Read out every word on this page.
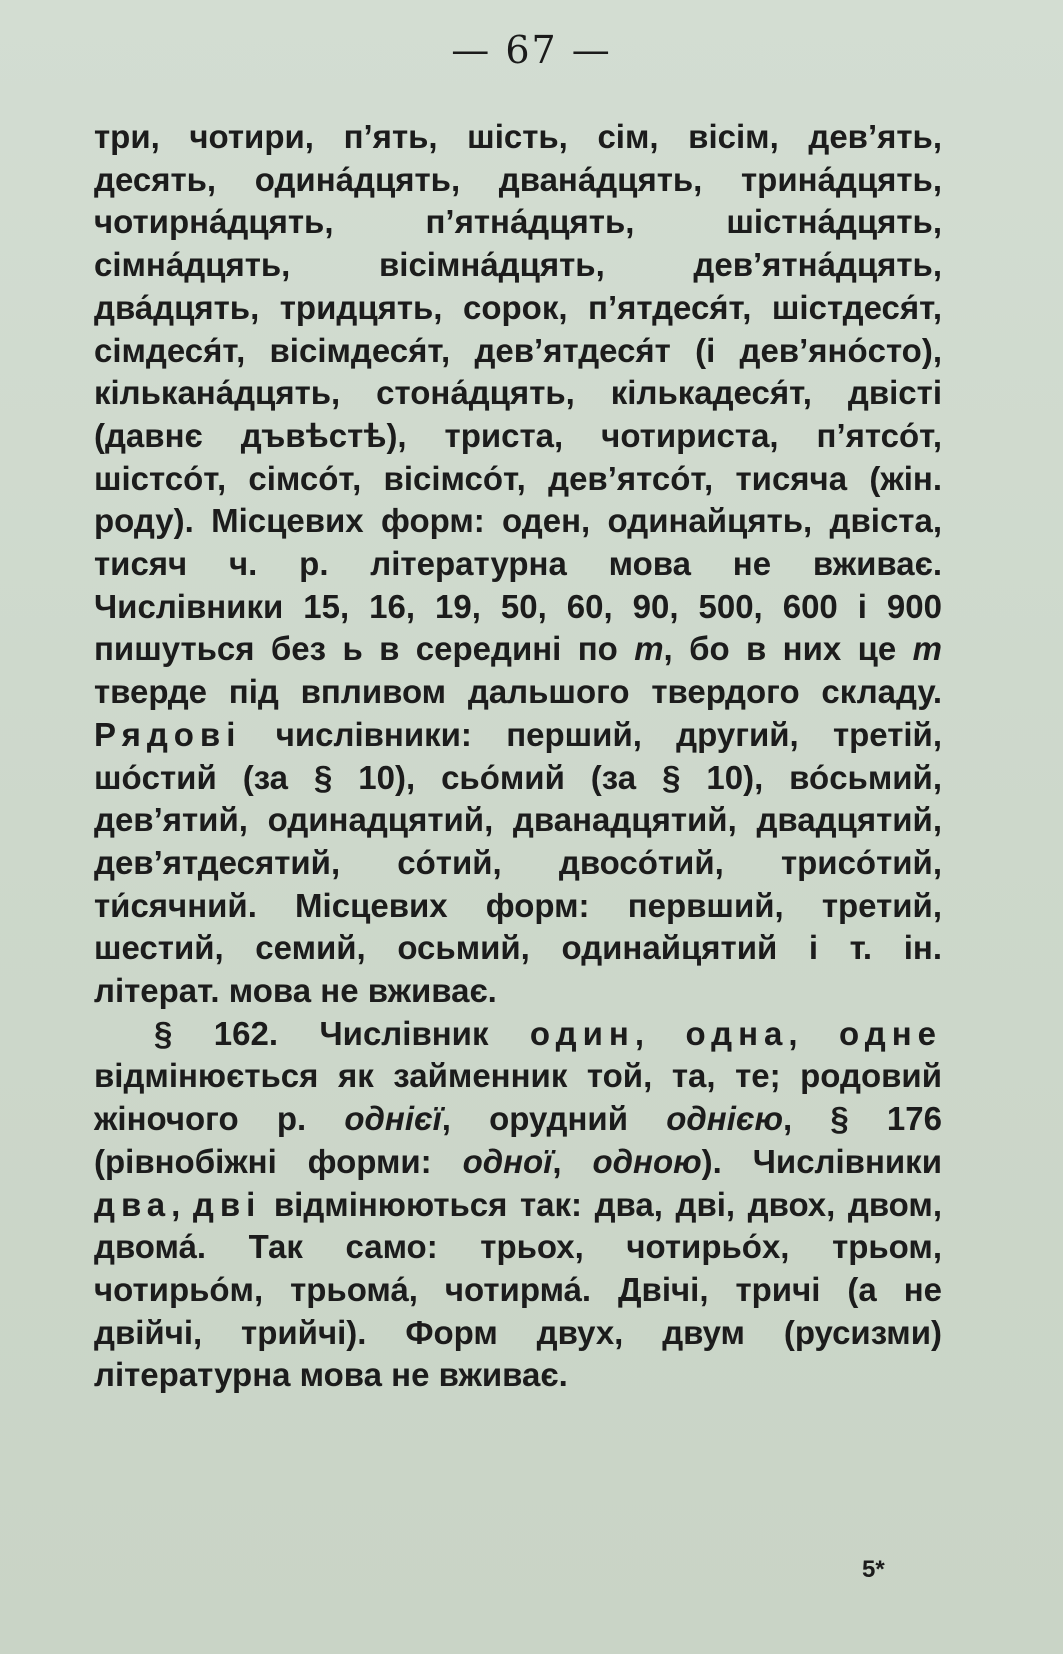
— 67 —

три, чотири, п’ять, шість, сім, вісім, дев’ять, десять, одина́дцять, двана́дцять, трина́дцять, чотирна́дцять, п’ятна́дцять, шістна́дцять, сімна́дцять, вісімна́дцять, дев’ятна́дцять, два́дцять, тридцять, сорок, п’ятдеся́т, шістдеся́т, сімдеся́т, вісімдеся́т, дев’ятдеся́т (і дев’яно́сто), кількана́дцять, стона́дцять, кількадеся́т, двісті (давнє дъвѣстѣ), триста, чотириста, п’ятсо́т, шістсо́т, сімсо́т, вісімсо́т, дев’ятсо́т, тисяча (жін. роду). Місцевих форм: оден, одинайцять, двіста, тисяч ч. р. літературна мова не вживає. Числівники 15, 16, 19, 50, 60, 90, 500, 600 і 900 пишуться без ь в середині по т, бо в них це т тверде під впливом дальшого твердого складу. Рядові числівники: перший, другий, третій, шо́стий (за § 10), сьо́мий (за § 10), во́сьмий, дев’ятий, одинадцятий, дванадцятий, двадцятий, дев’ятдесятий, со́тий, двосо́тий, трисо́тий, ти́сячний. Місцевих форм: первший, третий, шестий, семий, осьмий, одинайцятий і т. ін. літерат. мова не вживає.

§ 162. Числівник один, одна, одне відмінюється як займенник той, та, те; родовий жіночого р. однієї, орудний однією, § 176 (рівнобіжні форми: одної, одною). Числівники два, дві відмінюються так: два, дві, двох, двом, двома́. Так само: трьох, чотирьо́х, трьом, чотирьо́м, трьома́, чотирма́. Двічі, тричі (а не двійчі, трийчі). Форм двух, двум (русизми) літературна мова не вживає.

5*
